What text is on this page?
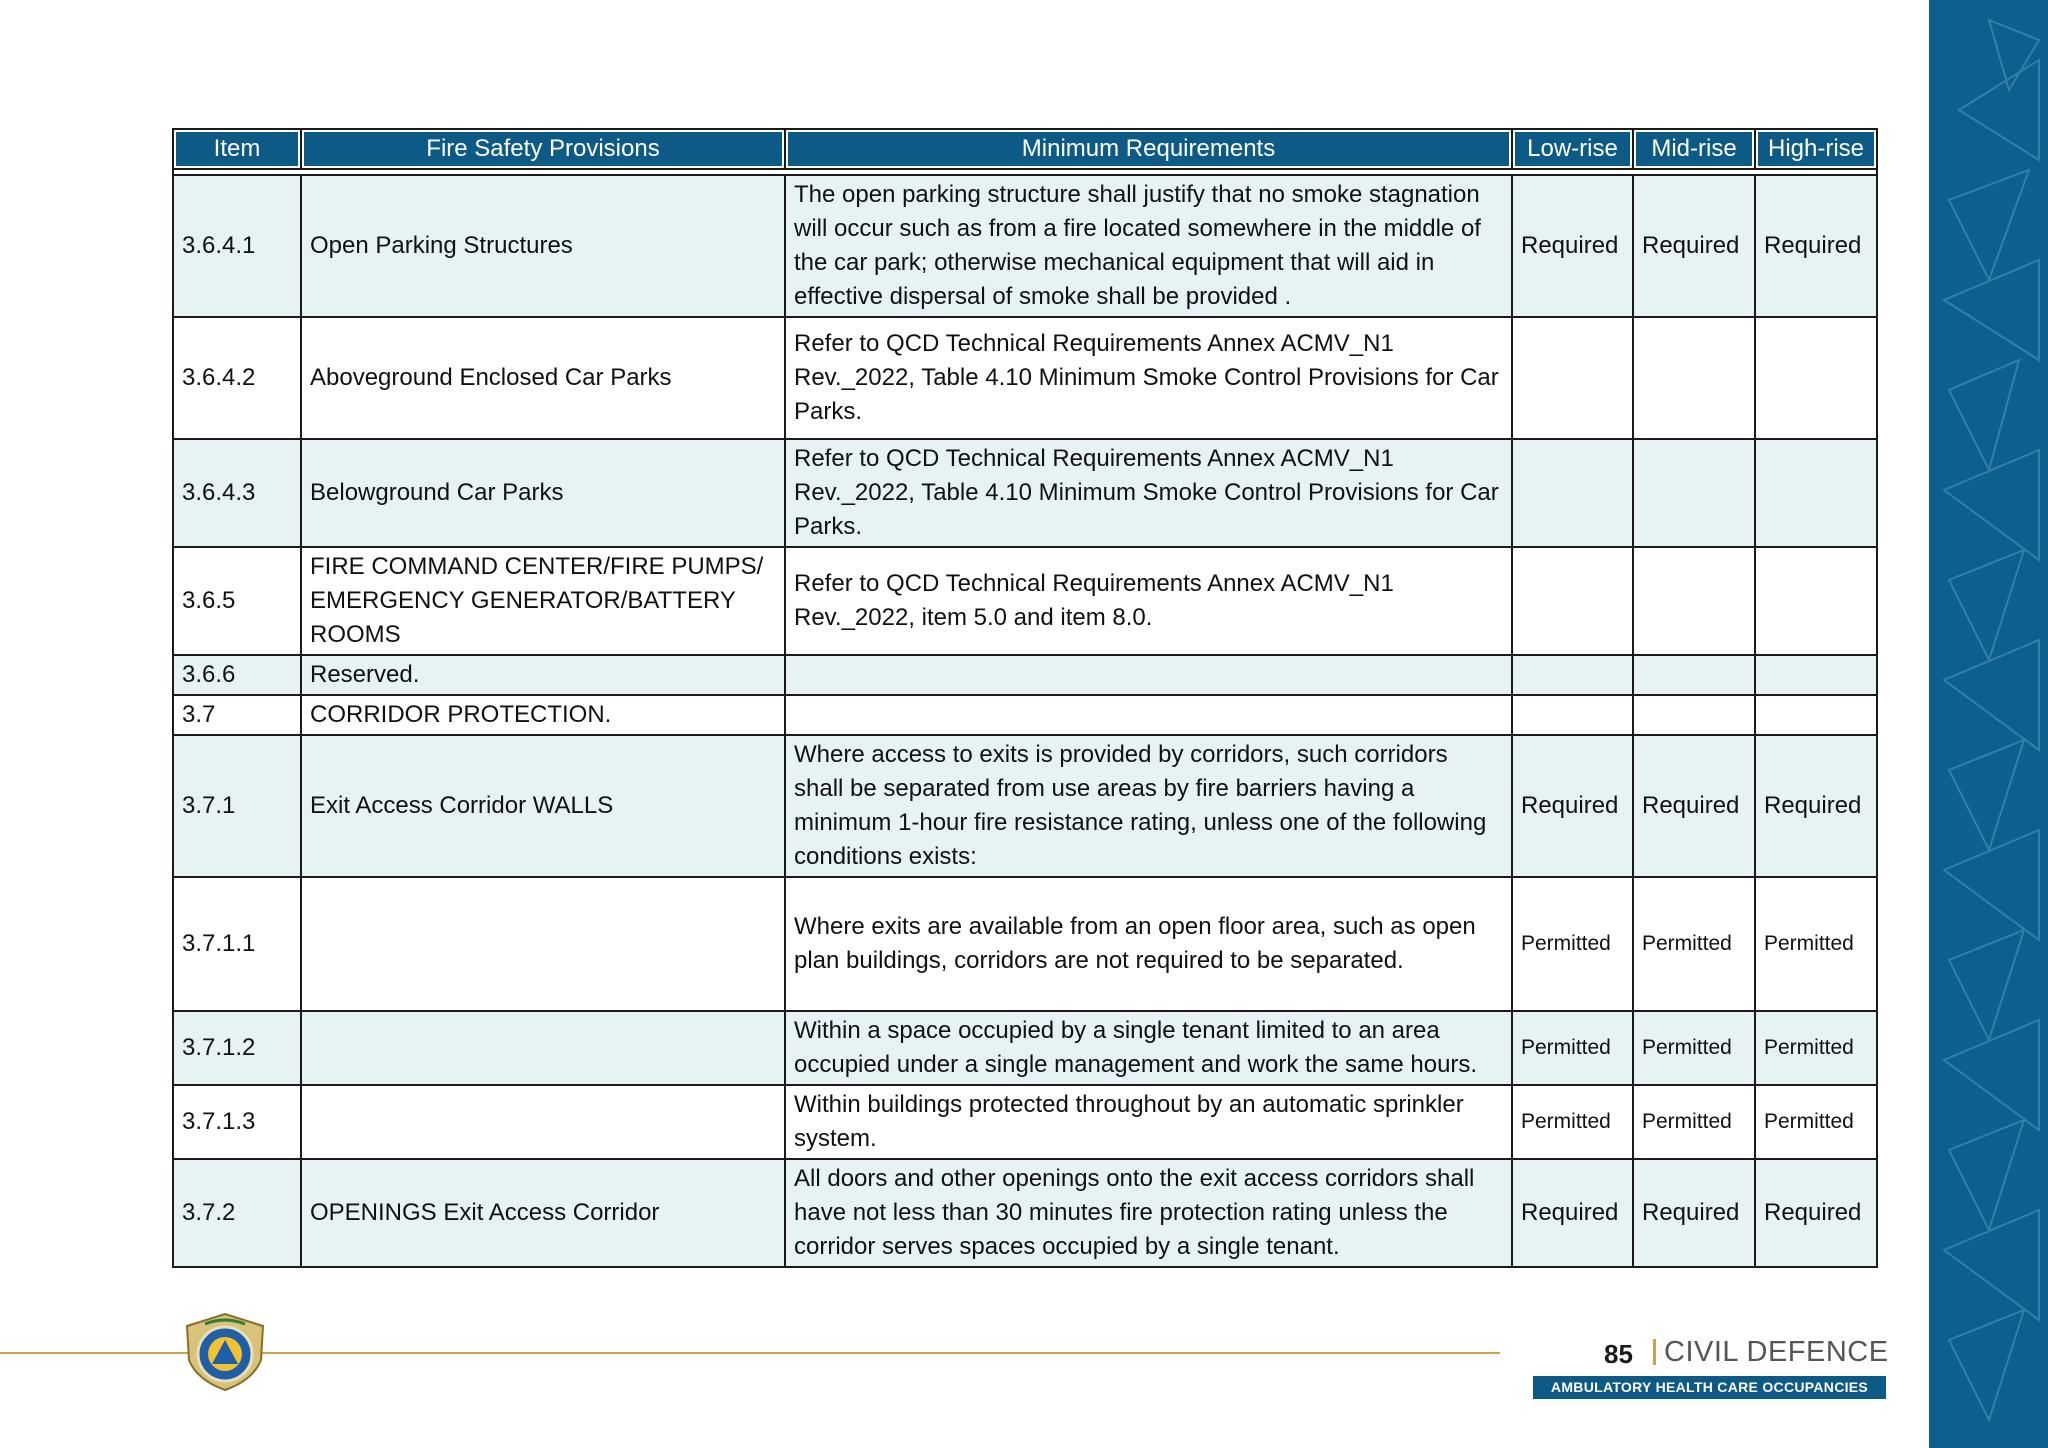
Item	Fire Safety Provisions	Minimum Requirements	Low-rise	Mid-rise	High-rise

3.6.4.1	Open Parking Structures	The open parking structure shall justify that no smoke stagnation will occur such as from a fire located somewhere in the middle of the car park; otherwise mechanical equipment that will aid in effective dispersal of smoke shall be provided .	Required	Required	Required
3.6.4.2	Aboveground Enclosed Car Parks	Refer to QCD Technical Requirements Annex ACMV_N1 Rev._2022, Table 4.10 Minimum Smoke Control Provisions for Car Parks.			
3.6.4.3	Belowground Car Parks	Refer to QCD Technical Requirements Annex ACMV_N1 Rev._2022, Table 4.10 Minimum Smoke Control Provisions for Car Parks.			
3.6.5	FIRE COMMAND CENTER/FIRE PUMPS/ EMERGENCY GENERATOR/BATTERY ROOMS	Refer to QCD Technical Requirements Annex ACMV_N1 Rev._2022, item 5.0 and item 8.0.			
3.6.6	Reserved.				
3.7	CORRIDOR PROTECTION.				
3.7.1	Exit Access Corridor WALLS	Where access to exits is provided by corridors, such corridors shall be separated from use areas by fire barriers having a minimum 1-hour fire resistance rating, unless one of the following conditions exists:	Required	Required	Required
3.7.1.1		Where exits are available from an open floor area, such as open plan buildings, corridors are not required to be separated.	Permitted	Permitted	Permitted
3.7.1.2		Within a space occupied by a single tenant limited to an area occupied under a single management and work the same hours.	Permitted	Permitted	Permitted
3.7.1.3		Within buildings protected throughout by an automatic sprinkler system.	Permitted	Permitted	Permitted
3.7.2	OPENINGS Exit Access Corridor	All doors and other openings onto the exit access corridors shall have not less than 30 minutes fire protection rating unless the corridor serves spaces occupied by a single tenant.	Required	Required	Required
85 CIVIL DEFENCE
AMBULATORY HEALTH CARE OCCUPANCIES
